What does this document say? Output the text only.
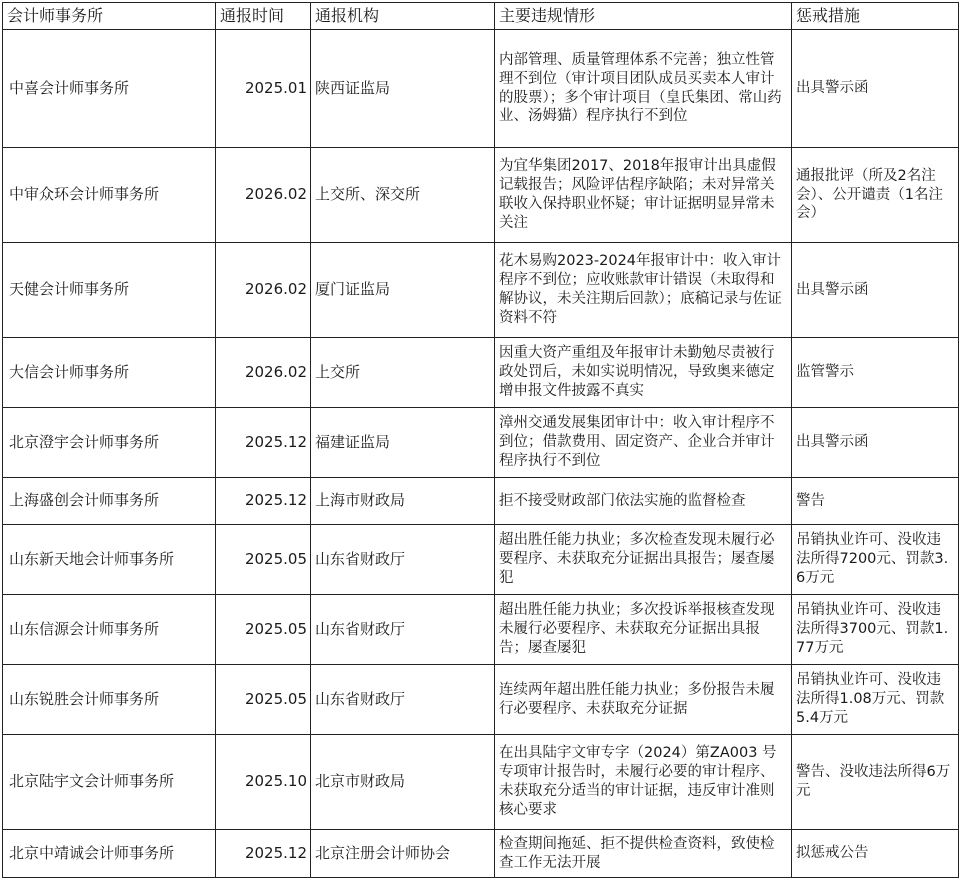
会计师事务所	通报时间	通报机构	主要违规情形	惩戒措施
中喜会计师事务所	2025.01	陕西证监局	内部管理、质量管理体系不完善；独立性管理不到位（审计项目团队成员买卖本人审计的股票）；多个审计项目（皇氏集团、常山药业、汤姆猫）程序执行不到位	出具警示函
中审众环会计师事务所	2026.02	上交所、深交所	为宜华集团2017、2018年报审计出具虚假记载报告；风险评估程序缺陷；未对异常关联收入保持职业怀疑；审计证据明显异常未关注	通报批评（所及2名注会）、公开谴责（1名注会）
天健会计师事务所	2026.02	厦门证监局	花木易购2023-2024年报审计中：收入审计程序不到位；应收账款审计错误（未取得和解协议，未关注期后回款）；底稿记录与佐证资料不符	出具警示函
大信会计师事务所	2026.02	上交所	因重大资产重组及年报审计未勤勉尽责被行政处罚后，未如实说明情况，导致奥来德定增申报文件披露不真实	监管警示
北京澄宇会计师事务所	2025.12	福建证监局	漳州交通发展集团审计中：收入审计程序不到位；借款费用、固定资产、企业合并审计程序执行不到位	出具警示函
上海盛创会计师事务所	2025.12	上海市财政局	拒不接受财政部门依法实施的监督检查	警告
山东新天地会计师事务所	2025.05	山东省财政厅	超出胜任能力执业；多次检查发现未履行必要程序、未获取充分证据出具报告；屡查屡犯	吊销执业许可、没收违法所得7200元、罚款3.6万元
山东信源会计师事务所	2025.05	山东省财政厅	超出胜任能力执业；多次投诉举报核查发现未履行必要程序、未获取充分证据出具报告；屡查屡犯	吊销执业许可、没收违法所得3700元、罚款1.77万元
山东锐胜会计师事务所	2025.05	山东省财政厅	连续两年超出胜任能力执业；多份报告未履行必要程序、未获取充分证据	吊销执业许可、没收违法所得1.08万元、罚款5.4万元
北京陆宇文会计师事务所	2025.10	北京市财政局	在出具陆宇文审专字（2024）第ZA003 号专项审计报告时，未履行必要的审计程序、未获取充分适当的审计证据，违反审计准则核心要求	警告、没收违法所得6万元
北京中靖诚会计师事务所	2025.12	北京注册会计师协会	检查期间拖延、拒不提供检查资料，致使检查工作无法开展	拟惩戒公告
